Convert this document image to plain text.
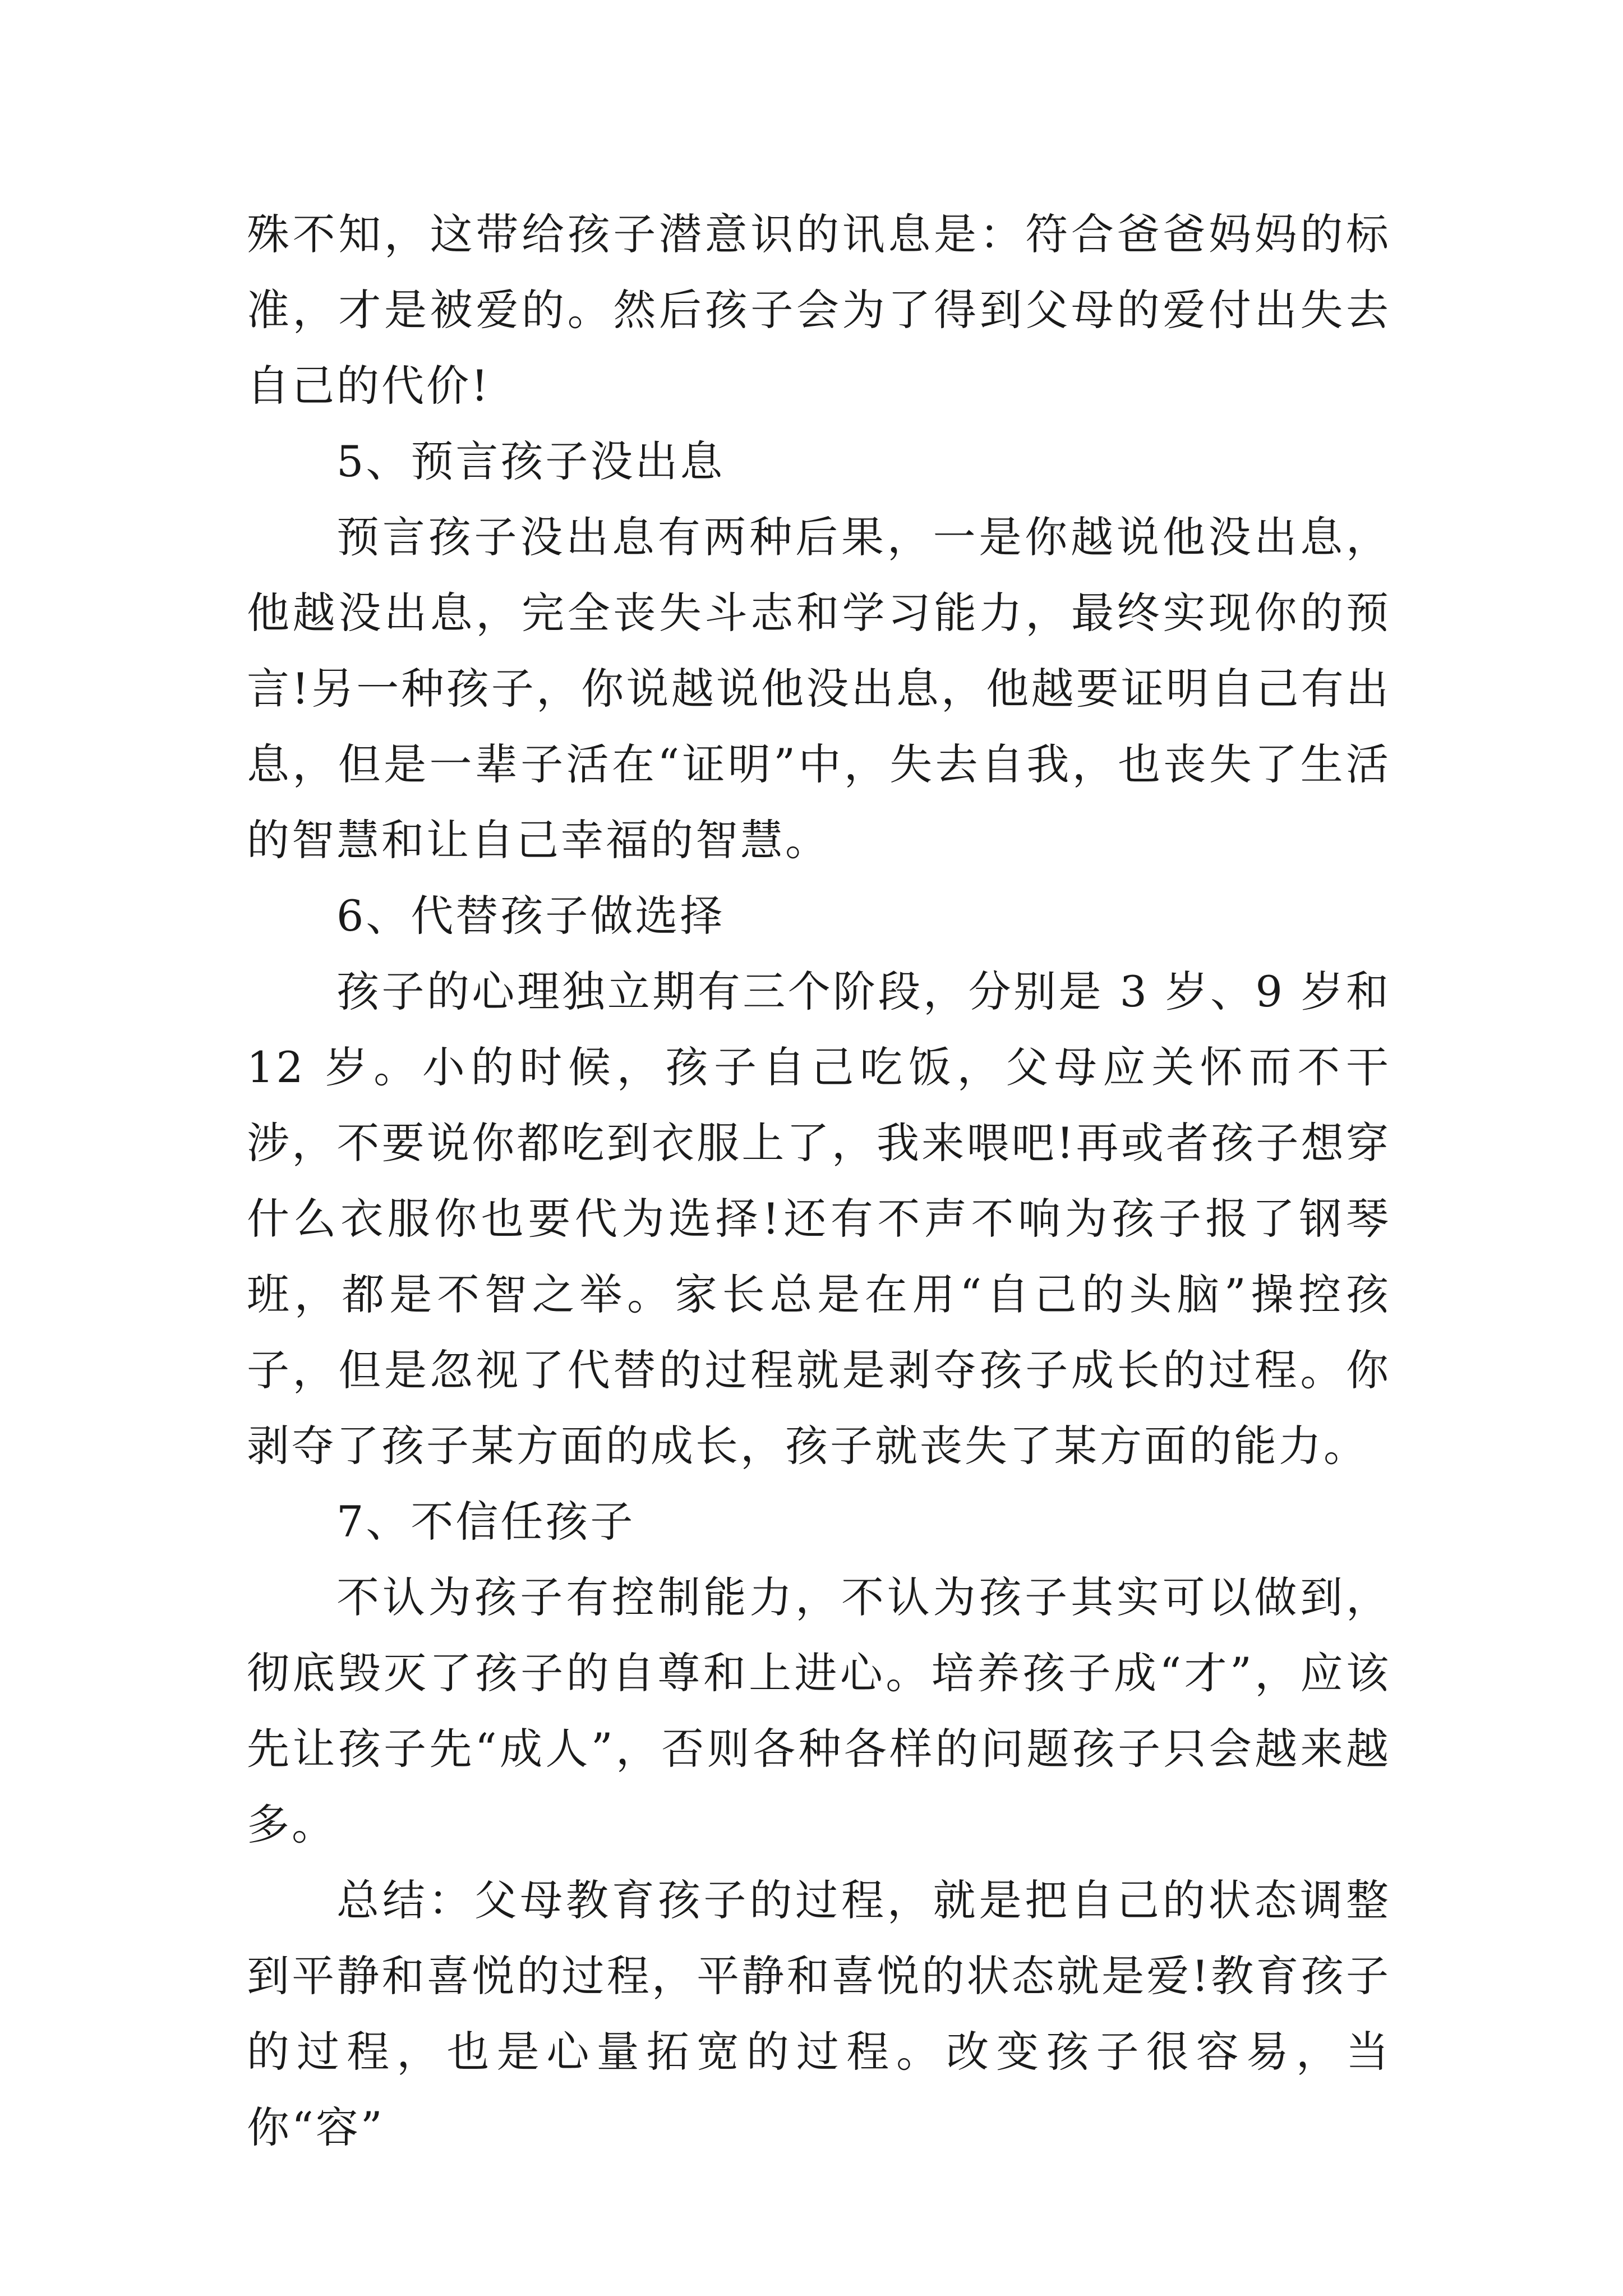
殊不知，这带给孩子潜意识的讯息是：符合爸爸妈妈的标准，才是被爱的。然后孩子会为了得到父母的爱付出失去自己的代价!

5、预言孩子没出息

预言孩子没出息有两种后果，一是你越说他没出息，他越没出息，完全丧失斗志和学习能力，最终实现你的预言!另一种孩子，你说越说他没出息，他越要证明自己有出息，但是一辈子活在“证明”中，失去自我，也丧失了生活的智慧和让自己幸福的智慧。

6、代替孩子做选择

孩子的心理独立期有三个阶段，分别是 3 岁、9 岁和 12 岁。小的时候，孩子自己吃饭，父母应关怀而不干涉，不要说你都吃到衣服上了，我来喂吧!再或者孩子想穿什么衣服你也要代为选择!还有不声不响为孩子报了钢琴班，都是不智之举。家长总是在用“自己的头脑”操控孩子，但是忽视了代替的过程就是剥夺孩子成长的过程。你剥夺了孩子某方面的成长，孩子就丧失了某方面的能力。

7、不信任孩子

不认为孩子有控制能力，不认为孩子其实可以做到，彻底毁灭了孩子的自尊和上进心。培养孩子成“才”，应该先让孩子先“成人”，否则各种各样的问题孩子只会越来越多。

总结：父母教育孩子的过程，就是把自己的状态调整到平静和喜悦的过程，平静和喜悦的状态就是爱!教育孩子的过程，也是心量拓宽的过程。改变孩子很容易，当你“容”
